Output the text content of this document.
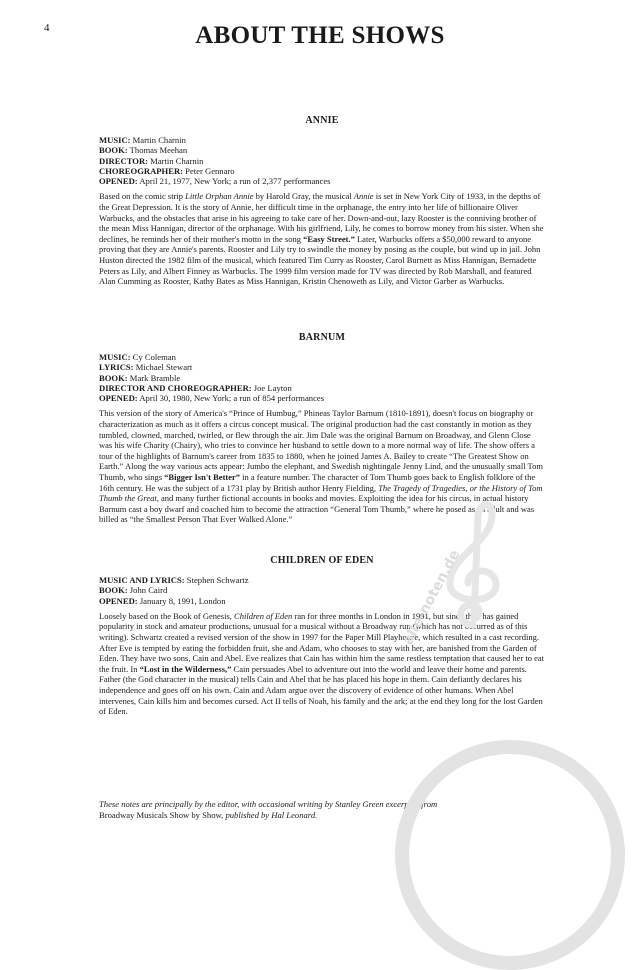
4	ABOUT THE SHOWS
ANNIE
MUSIC: Martin Charnin
BOOK: Thomas Meehan
DIRECTOR: Martin Charnin
CHOREOGRAPHER: Peter Gennaro
OPENED: April 21, 1977, New York; a run of 2,377 performances

Based on the comic strip Little Orphan Annie by Harold Gray, the musical Annie is set in New York City of 1933, in the depths of the Great Depression. It is the story of Annie, her difficult time in the orphanage, the entry into her life of billionaire Oliver Warbucks, and the obstacles that arise in his agreeing to take care of her. Down-and-out, lazy Rooster is the conniving brother of the mean Miss Hannigan, director of the orphanage. With his girlfriend, Lily, he comes to borrow money from his sister. When she declines, he reminds her of their mother's motto in the song “Easy Street.” Later, Warbucks offers a $50,000 reward to anyone proving that they are Annie's parents. Rooster and Lily try to swindle the money by posing as the couple, but wind up in jail. John Huston directed the 1982 film of the musical, which featured Tim Curry as Rooster, Carol Burnett as Miss Hannigan, Bernadette Peters as Lily, and Albert Finney as Warbucks. The 1999 film version made for TV was directed by Rob Marshall, and featured Alan Cumming as Rooster, Kathy Bates as Miss Hannigan, Kristin Chenoweth as Lily, and Victor Garber as Warbucks.

BARNUM
MUSIC: Cy Coleman
LYRICS: Michael Stewart
BOOK: Mark Bramble
DIRECTOR AND CHOREOGRAPHER: Joe Layton
OPENED: April 30, 1980, New York; a run of 854 performances

This version of the story of America's “Prince of Humbug,” Phineas Taylor Barnum (1810-1891), doesn't focus on biography or characterization as much as it offers a circus concept musical. The original production had the cast constantly in motion as they tumbled, clowned, marched, twirled, or flew through the air. Jim Dale was the original Barnum on Broadway, and Glenn Close was his wife Charity (Chairy), who tries to convince her husband to settle down to a more normal way of life. The show offers a tour of the highlights of Barnum's career from 1835 to 1880, when he joined James A. Bailey to create “The Greatest Show on Earth.” Along the way various acts appear: Jumbo the elephant, and Swedish nightingale Jenny Lind, and the unusually small Tom Thumb, who sings “Bigger Isn't Better” in a feature number. The character of Tom Thumb goes back to English folklore of the 16th century. He was the subject of a 1731 play by British author Henry Fielding, The Tragedy of Tragedies, or the History of Tom Thumb the Great, and many further fictional accounts in books and movies. Exploiting the idea for his circus, in actual history Barnum cast a boy dwarf and coached him to become the attraction “General Tom Thumb,” where he posed as an adult and was billed as “the Smallest Person That Ever Walked Alone.”

CHILDREN OF EDEN
MUSIC AND LYRICS: Stephen Schwartz
BOOK: John Caird
OPENED: January 8, 1991, London

Loosely based on the Book of Genesis, Children of Eden ran for three months in London in 1991, but since then has gained popularity in stock and amateur productions, unusual for a musical without a Broadway run (which has not occurred as of this writing). Schwartz created a revised version of the show in 1997 for the Paper Mill Playhouse, which resulted in a cast recording. After Eve is tempted by eating the forbidden fruit, she and Adam, who chooses to stay with her, are banished from the Garden of Eden. They have two sons, Cain and Abel. Eve realizes that Cain has within him the same restless temptation that caused her to eat the fruit. In “Lost in the Wilderness,” Cain persuades Abel to adventure out into the world and leave their home and parents. Father (the God character in the musical) tells Cain and Abel that he has placed his hope in them. Cain defiantly declares his independence and goes off on his own. Cain and Adam argue over the discovery of evidence of other humans. When Abel intervenes, Cain kills him and becomes cursed. Act II tells of Noah, his family and the ark; at the end they long for the lost Garden of Eden.

These notes are principally by the editor, with occasional writing by Stanley Green excerpted from
Broadway Musicals Show by Show, published by Hal Leonard.
alle-noten.de
